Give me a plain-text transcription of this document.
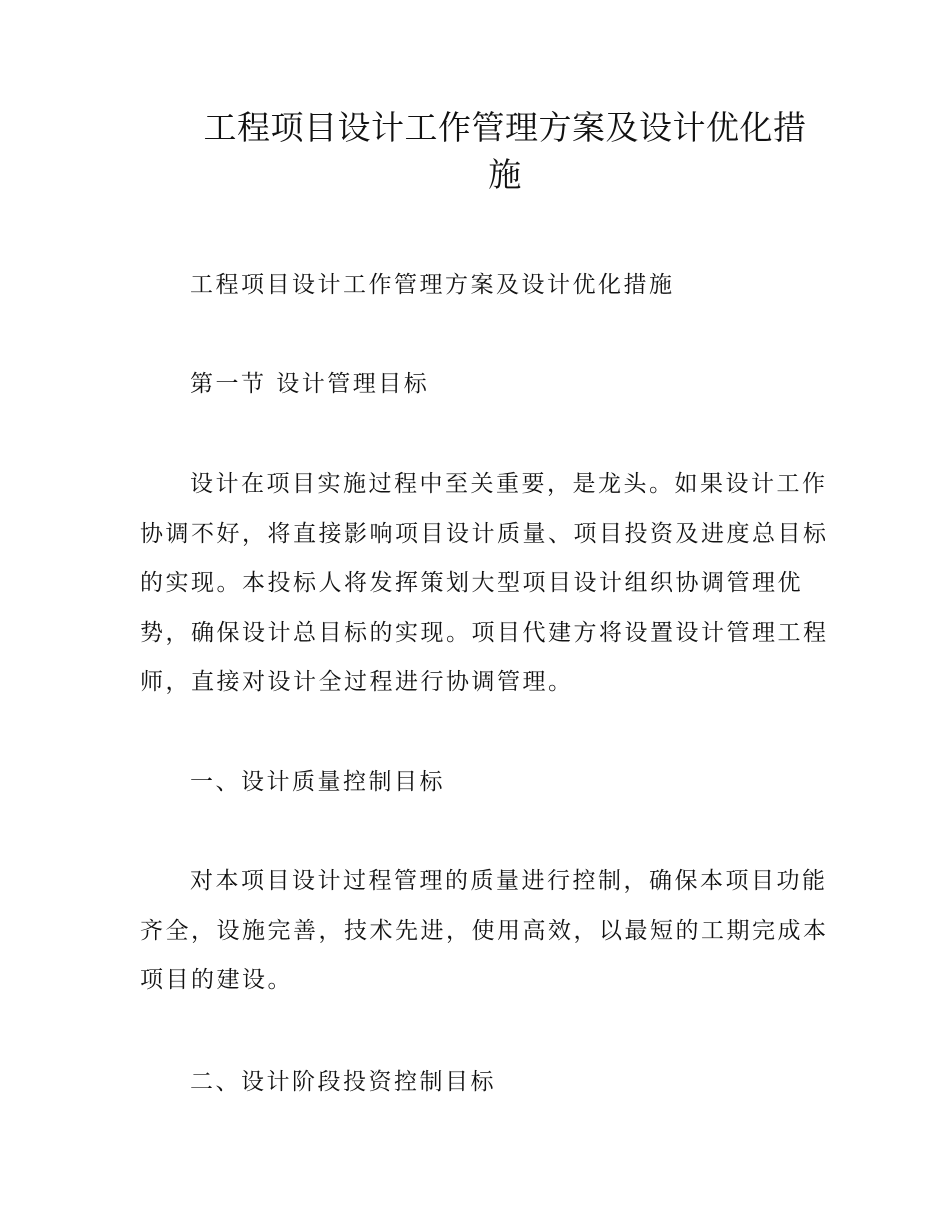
工程项目设计工作管理方案及设计优化措施
工程项目设计工作管理方案及设计优化措施
第一节 设计管理目标
设计在项目实施过程中至关重要，是龙头。如果设计工作协调不好，将直接影响项目设计质量、项目投资及进度总目标的实现。本投标人将发挥策划大型项目设计组织协调管理优势，确保设计总目标的实现。项目代建方将设置设计管理工程师，直接对设计全过程进行协调管理。
一、设计质量控制目标
对本项目设计过程管理的质量进行控制，确保本项目功能齐全，设施完善，技术先进，使用高效，以最短的工期完成本项目的建设。
二、设计阶段投资控制目标
